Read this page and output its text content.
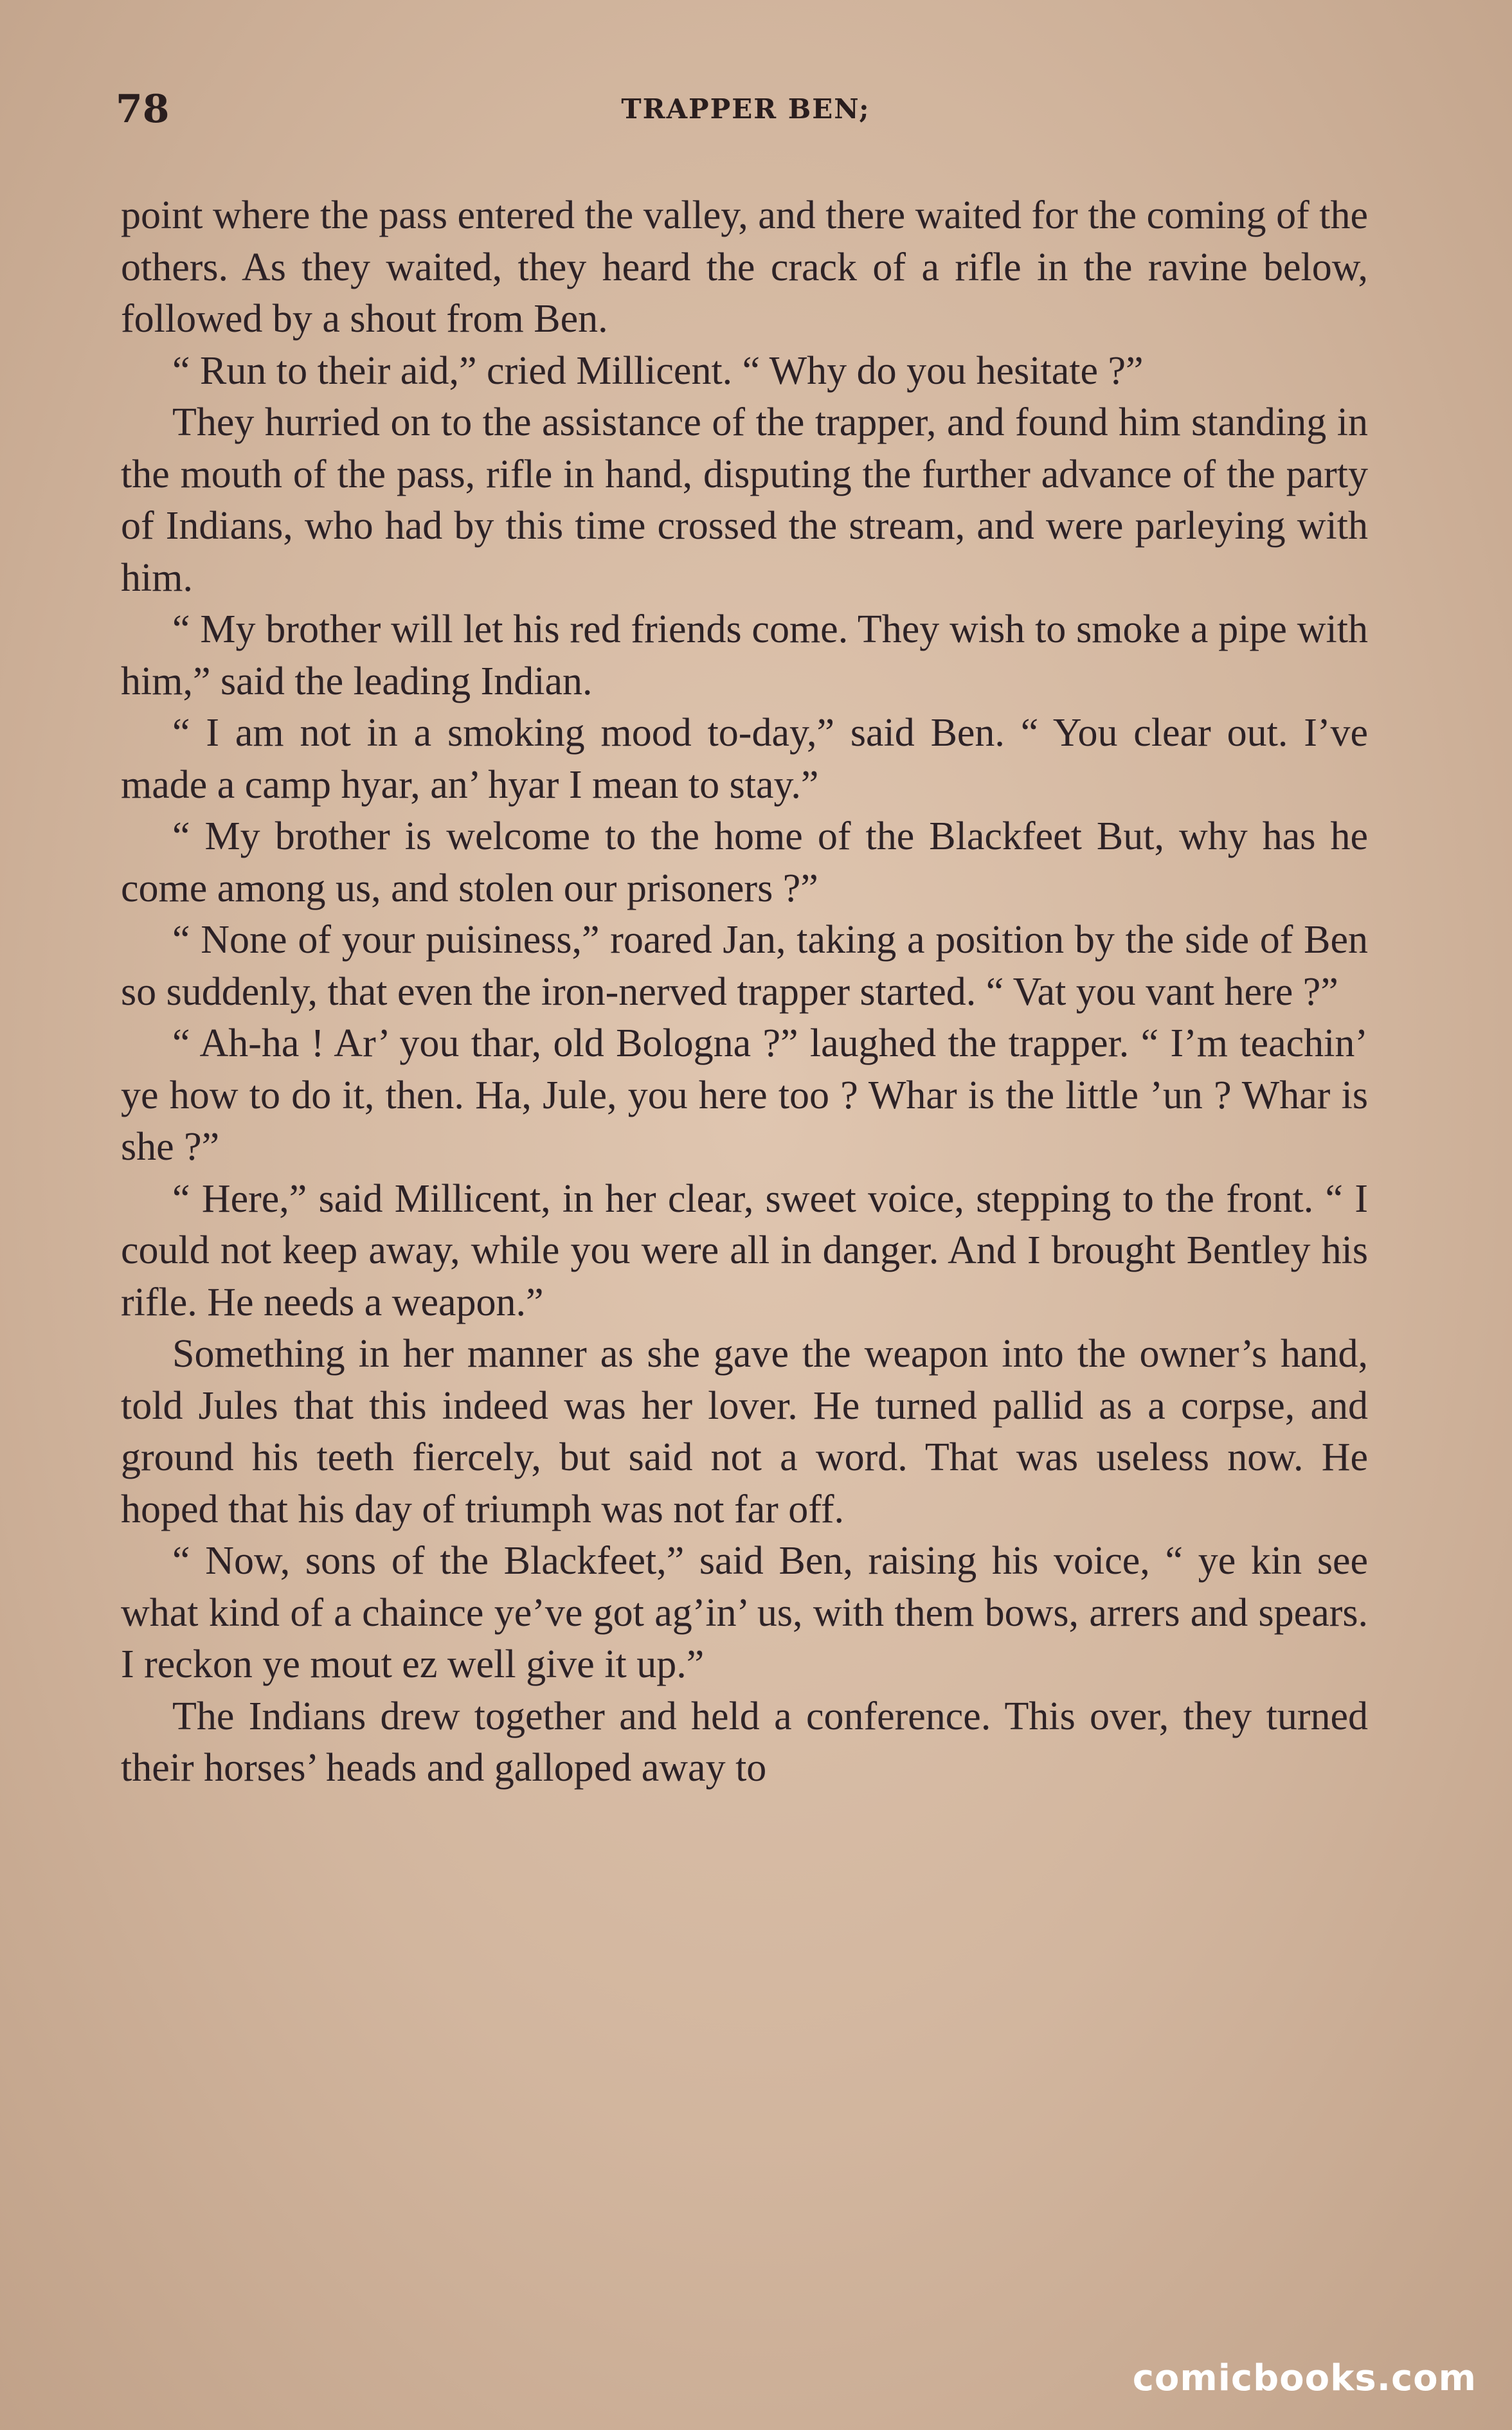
78	TRAPPER BEN;

point where the pass entered the valley, and there waited for the coming of the others. As they waited, they heard the crack of a rifle in the ravine below, followed by a shout from Ben.

“ Run to their aid,” cried Millicent. “ Why do you hesitate ?”

They hurried on to the assistance of the trapper, and found him standing in the mouth of the pass, rifle in hand, disputing the further advance of the party of Indians, who had by this time crossed the stream, and were parleying with him.

“ My brother will let his red friends come. They wish to smoke a pipe with him,” said the leading Indian.

“ I am not in a smoking mood to-day,” said Ben. “ You clear out. I’ve made a camp hyar, an’ hyar I mean to stay.”

“ My brother is welcome to the home of the Blackfeet But, why has he come among us, and stolen our prisoners ?”

“ None of your puisiness,” roared Jan, taking a position by the side of Ben so suddenly, that even the iron-nerved trapper started. “ Vat you vant here ?”

“ Ah-ha ! Ar’ you thar, old Bologna ?” laughed the trapper. “ I’m teachin’ ye how to do it, then. Ha, Jule, you here too ? Whar is the little ’un ? Whar is she ?”

“ Here,” said Millicent, in her clear, sweet voice, stepping to the front. “ I could not keep away, while you were all in danger. And I brought Bentley his rifle. He needs a weapon.”

Something in her manner as she gave the weapon into the owner’s hand, told Jules that this indeed was her lover. He turned pallid as a corpse, and ground his teeth fiercely, but said not a word. That was useless now. He hoped that his day of triumph was not far off.

“ Now, sons of the Blackfeet,” said Ben, raising his voice, “ ye kin see what kind of a chaince ye’ve got ag’in’ us, with them bows, arrers and spears. I reckon ye mout ez well give it up.”

The Indians drew together and held a conference. This over, they turned their horses’ heads and galloped away to

comicbooks.com
